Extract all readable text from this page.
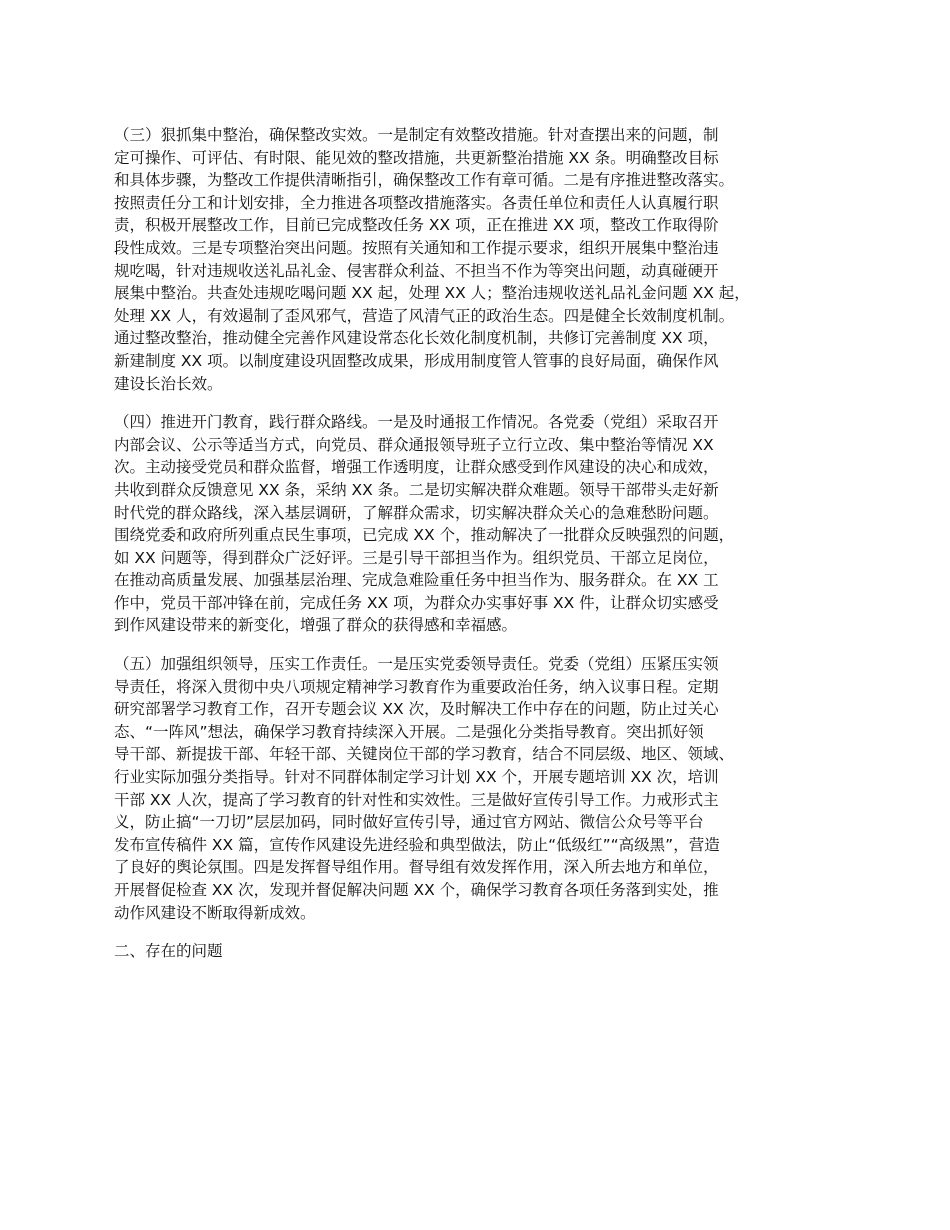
（三）狠抓集中整治，确保整改实效。一是制定有效整改措施。针对查摆出来的问题，制
定可操作、可评估、有时限、能见效的整改措施，共更新整治措施 XX 条。明确整改目标
和具体步骤，为整改工作提供清晰指引，确保整改工作有章可循。二是有序推进整改落实。
按照责任分工和计划安排，全力推进各项整改措施落实。各责任单位和责任人认真履行职
责，积极开展整改工作，目前已完成整改任务 XX 项，正在推进 XX 项，整改工作取得阶
段性成效。三是专项整治突出问题。按照有关通知和工作提示要求，组织开展集中整治违
规吃喝，针对违规收送礼品礼金、侵害群众利益、不担当不作为等突出问题，动真碰硬开
展集中整治。共查处违规吃喝问题 XX 起，处理 XX 人；整治违规收送礼品礼金问题 XX 起，
处理 XX 人，有效遏制了歪风邪气，营造了风清气正的政治生态。四是健全长效制度机制。
通过整改整治，推动健全完善作风建设常态化长效化制度机制，共修订完善制度 XX 项，
新建制度 XX 项。以制度建设巩固整改成果，形成用制度管人管事的良好局面，确保作风
建设长治长效。
（四）推进开门教育，践行群众路线。一是及时通报工作情况。各党委（党组）采取召开
内部会议、公示等适当方式，向党员、群众通报领导班子立行立改、集中整治等情况 XX
次。主动接受党员和群众监督，增强工作透明度，让群众感受到作风建设的决心和成效，
共收到群众反馈意见 XX 条，采纳 XX 条。二是切实解决群众难题。领导干部带头走好新
时代党的群众路线，深入基层调研，了解群众需求，切实解决群众关心的急难愁盼问题。
围绕党委和政府所列重点民生事项，已完成 XX 个，推动解决了一批群众反映强烈的问题，
如 XX 问题等，得到群众广泛好评。三是引导干部担当作为。组织党员、干部立足岗位，
在推动高质量发展、加强基层治理、完成急难险重任务中担当作为、服务群众。在 XX 工
作中，党员干部冲锋在前，完成任务 XX 项，为群众办实事好事 XX 件，让群众切实感受
到作风建设带来的新变化，增强了群众的获得感和幸福感。
（五）加强组织领导，压实工作责任。一是压实党委领导责任。党委（党组）压紧压实领
导责任，将深入贯彻中央八项规定精神学习教育作为重要政治任务，纳入议事日程。定期
研究部署学习教育工作，召开专题会议 XX 次，及时解决工作中存在的问题，防止过关心
态、“一阵风”想法，确保学习教育持续深入开展。二是强化分类指导教育。突出抓好领
导干部、新提拔干部、年轻干部、关键岗位干部的学习教育，结合不同层级、地区、领域、
行业实际加强分类指导。针对不同群体制定学习计划 XX 个，开展专题培训 XX 次，培训
干部 XX 人次，提高了学习教育的针对性和实效性。三是做好宣传引导工作。力戒形式主
义，防止搞“一刀切”层层加码，同时做好宣传引导，通过官方网站、微信公众号等平台
发布宣传稿件 XX 篇，宣传作风建设先进经验和典型做法，防止“低级红”“高级黑”，营造
了良好的舆论氛围。四是发挥督导组作用。督导组有效发挥作用，深入所去地方和单位，
开展督促检查 XX 次，发现并督促解决问题 XX 个，确保学习教育各项任务落到实处，推
动作风建设不断取得新成效。
二、存在的问题
